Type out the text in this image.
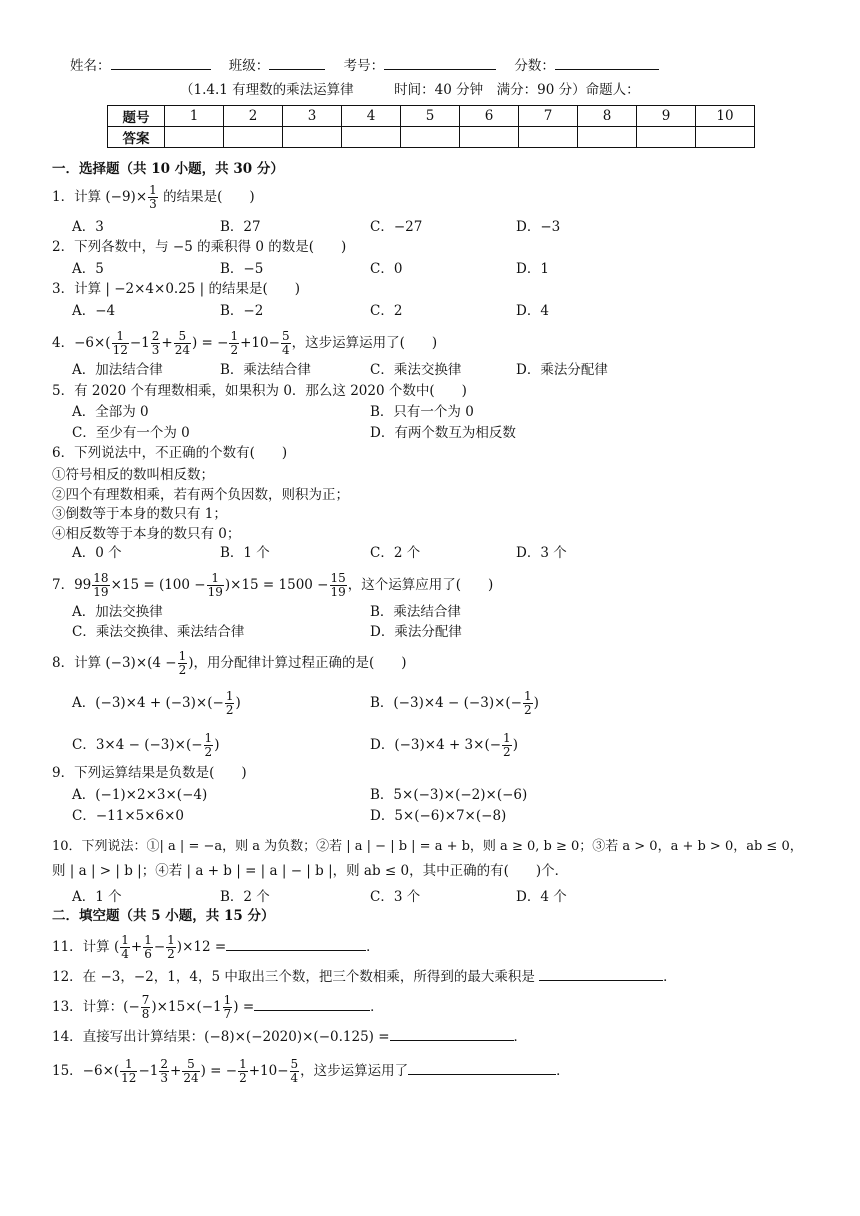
姓名：	班级：	考号：	分数：
（1.4.1 有理数的乘法运算律　　　时间：40 分钟　满分：90 分）命题人：
题号	1	2	3	4	5	6	7	8	9	10
答案										
一．选择题（共 10 小题，共 30 分）
1．计算 $(-9)\times \frac{1}{3}$ 的结果是(　　)
A．3	B．27	C．−27	D．−3
2．下列各数中，与 −5 的乘积得 0 的数是(　　)
A．5	B．−5	C．0	D．1
3．计算 | −2×4×0.25 | 的结果是(　　)
A．−4	B．−2	C．2	D．4
4．$-6\times( \frac{1}{12} -1 \frac{2}{3} + \frac{5}{24}$ ) = − $\frac{1}{2} +10- \frac{5}{4}$ ，这步运算运用了(　　)
A．加法结合律	B．乘法结合律	C．乘法交换律	D．乘法分配律
5．有 2020 个有理数相乘，如果积为 0．那么这 2020 个数中(　　)
A．全部为 0	B．只有一个为 0
C．至少有一个为 0	D．有两个数互为相反数
6．下列说法中，不正确的个数有(　　)
①符号相反的数叫相反数；
②四个有理数相乘，若有两个负因数，则积为正；
③倒数等于本身的数只有 1；
④相反数等于本身的数只有 0；
A．0 个	B．1 个	C．2 个	D．3 个
7．$99 \frac{18}{19} \times 15 = (100 - \frac{1}{19} )\times 15 = 1500 - \frac{15}{19}$ ，这个运算应用了(　　)
A．加法交换律	B．乘法结合律
C．乘法交换律、乘法结合律	D．乘法分配律
8．计算 $(-3)\times(4 - \frac{1}{2}$ )，用分配律计算过程正确的是(　　)
A．$(-3)\times 4 + (-3)\times(- \frac{1}{2}$ )	B．$(-3)\times 4 - (-3)\times(- \frac{1}{2}$ )
C．$3\times 4 - (-3)\times(- \frac{1}{2}$ )	D．$(-3)\times 4 + 3\times(- \frac{1}{2}$ )
9．下列运算结果是负数是(　　)
A．(−1)×2×3×(−4)	B．5×(−3)×(−2)×(−6)
C．−11×5×6×0	D．5×(−6)×7×(−8)
10．下列说法：①| a | = −a，则 a 为负数；②若 | a | − | b | = a + b，则 a ≥ 0, b ≥ 0；③若 a > 0，a + b > 0，ab ≤ 0，
则 | a | > | b |；④若 | a + b | = | a | − | b |，则 ab ≤ 0，其中正确的有(　　)个．
A．1 个	B．2 个	C．3 个	D．4 个
二．填空题（共 5 小题，共 15 分）
11．计算 ( $\frac{1}{4} + \frac{1}{6} - \frac{1}{2} )\times 12$ =	．
12．在 −3，−2，1，4，5 中取出三个数，把三个数相乘，所得到的最大乘积是	．
13．计算：(− $\frac{7}{8} )\times 15\times(-1 \frac{1}{7}$ ) =	．
14．直接写出计算结果：(−8)×(−2020)×(−0.125) =	．
15．$-6\times( \frac{1}{12} -1 \frac{2}{3} + \frac{5}{24}$ ) = − $\frac{1}{2} +10- \frac{5}{4}$ ，这步运算运用了	．
